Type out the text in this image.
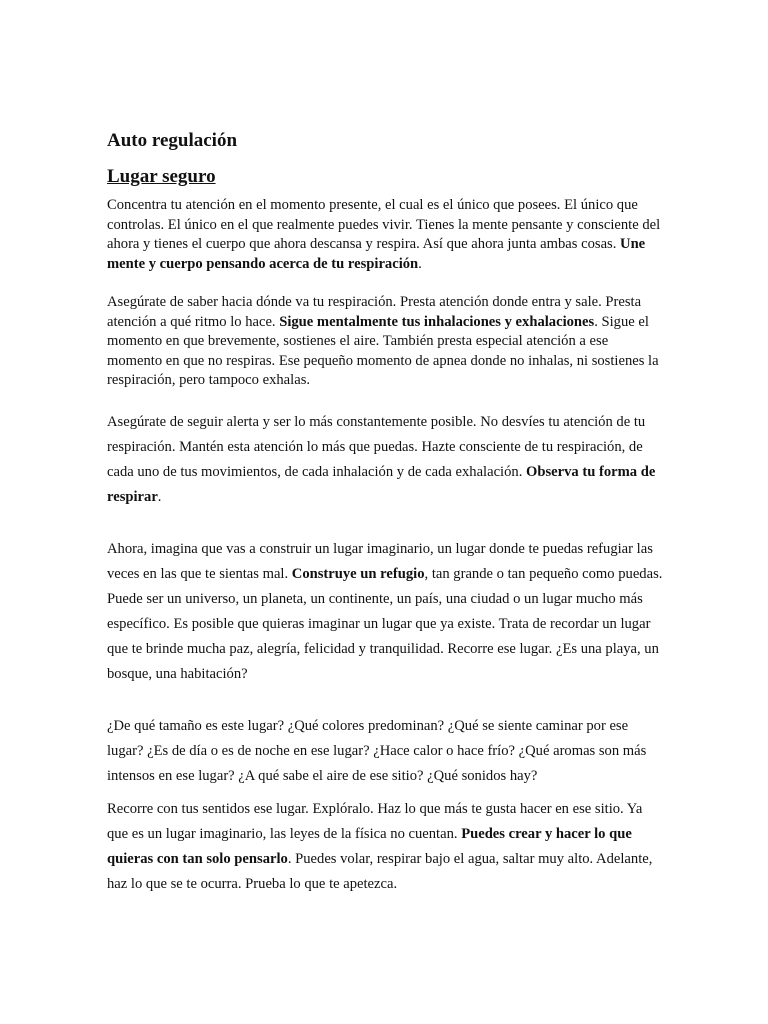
Auto regulación
Lugar seguro

Concentra tu atención en el momento presente, el cual es el único que posees. El único que controlas. El único en el que realmente puedes vivir. Tienes la mente pensante y consciente del ahora y tienes el cuerpo que ahora descansa y respira. Así que ahora junta ambas cosas. Une mente y cuerpo pensando acerca de tu respiración.

Asegúrate de saber hacia dónde va tu respiración. Presta atención donde entra y sale. Presta atención a qué ritmo lo hace. Sigue mentalmente tus inhalaciones y exhalaciones. Sigue el momento en que brevemente, sostienes el aire. También presta especial atención a ese momento en que no respiras. Ese pequeño momento de apnea donde no inhalas, ni sostienes la respiración, pero tampoco exhalas.

Asegúrate de seguir alerta y ser lo más constantemente posible. No desvíes tu atención de tu respiración. Mantén esta atención lo más que puedas. Hazte consciente de tu respiración, de cada uno de tus movimientos, de cada inhalación y de cada exhalación. Observa tu forma de respirar.

Ahora, imagina que vas a construir un lugar imaginario, un lugar donde te puedas refugiar las veces en las que te sientas mal. Construye un refugio, tan grande o tan pequeño como puedas. Puede ser un universo, un planeta, un continente, un país, una ciudad o un lugar mucho más específico. Es posible que quieras imaginar un lugar que ya existe. Trata de recordar un lugar que te brinde mucha paz, alegría, felicidad y tranquilidad. Recorre ese lugar. ¿Es una playa, un bosque, una habitación?

¿De qué tamaño es este lugar? ¿Qué colores predominan? ¿Qué se siente caminar por ese lugar? ¿Es de día o es de noche en ese lugar? ¿Hace calor o hace frío? ¿Qué aromas son más intensos en ese lugar? ¿A qué sabe el aire de ese sitio? ¿Qué sonidos hay?

Recorre con tus sentidos ese lugar. Explóralo. Haz lo que más te gusta hacer en ese sitio. Ya que es un lugar imaginario, las leyes de la física no cuentan. Puedes crear y hacer lo que quieras con tan solo pensarlo. Puedes volar, respirar bajo el agua, saltar muy alto. Adelante, haz lo que se te ocurra. Prueba lo que te apetezca.
